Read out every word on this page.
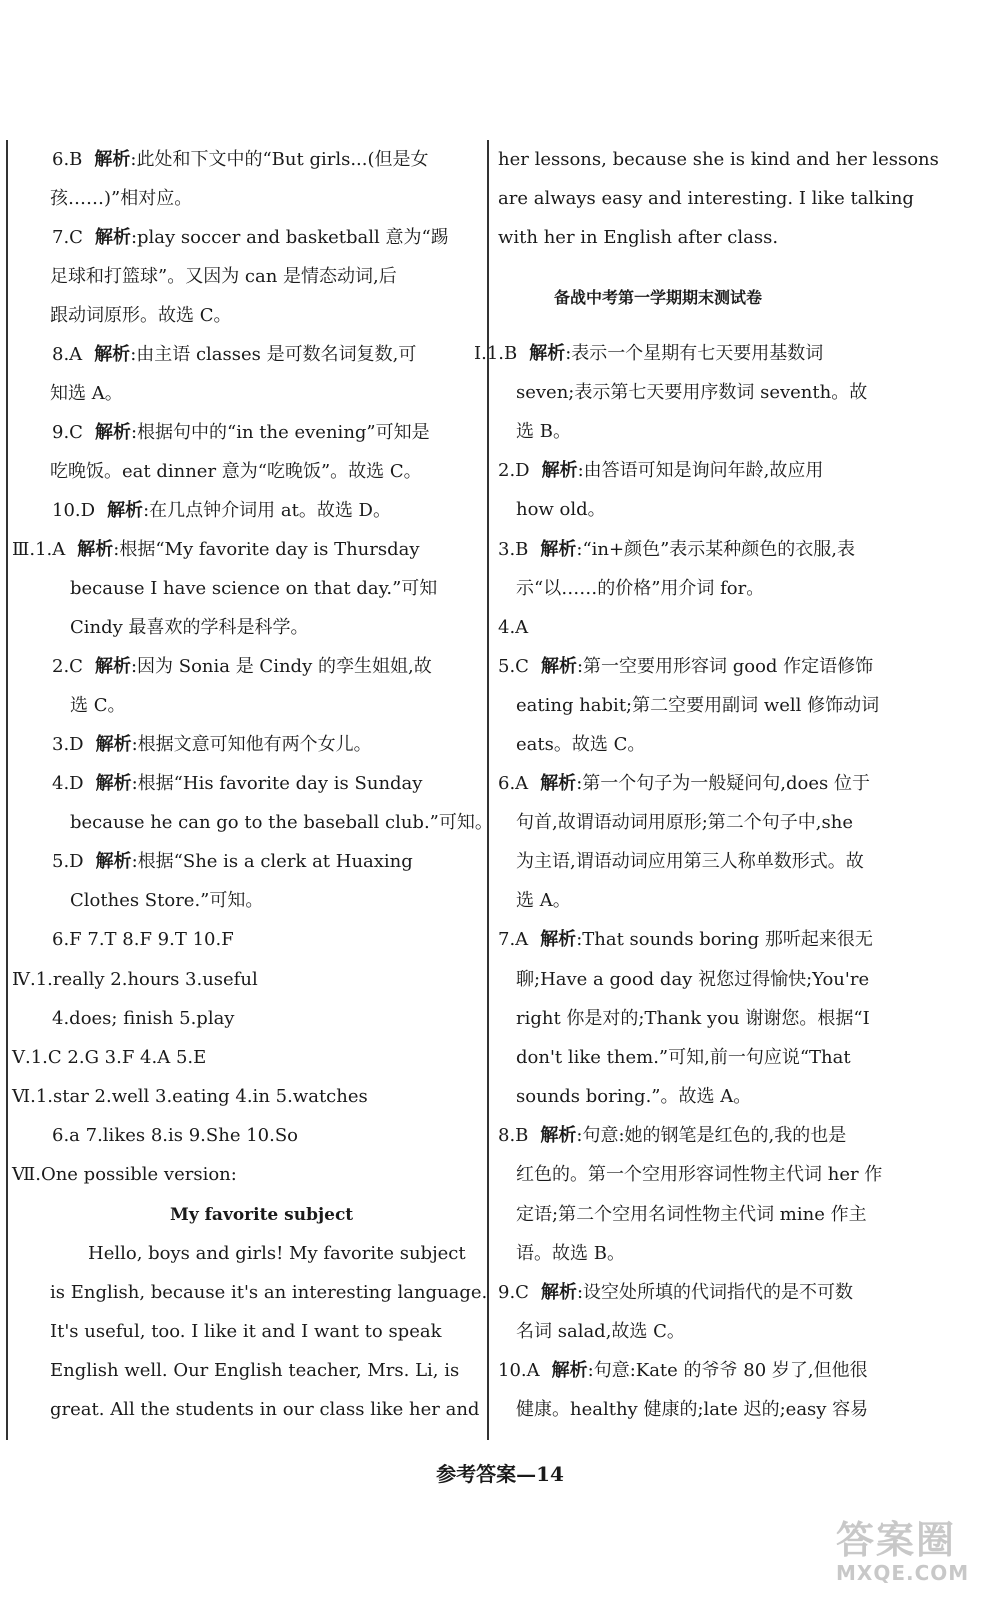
6.B 解析:此处和下文中的“But girls...(但是女
孩……)”相对应。
7.C 解析:play soccer and basketball 意为“踢
足球和打篮球”。又因为 can 是情态动词,后
跟动词原形。故选 C。
8.A 解析:由主语 classes 是可数名词复数,可
知选 A。
9.C 解析:根据句中的“in the evening”可知是
吃晚饭。eat dinner 意为“吃晚饭”。故选 C。
10.D 解析:在几点钟介词用 at。故选 D。
Ⅲ.1.A 解析:根据“My favorite day is Thursday
because I have science on that day.”可知
Cindy 最喜欢的学科是科学。
2.C 解析:因为 Sonia 是 Cindy 的孪生姐姐,故
选 C。
3.D 解析:根据文意可知他有两个女儿。
4.D 解析:根据“His favorite day is Sunday
because he can go to the baseball club.”可知。
5.D 解析:根据“She is a clerk at Huaxing
Clothes Store.”可知。
6.F 7.T 8.F 9.T 10.F
Ⅳ.1.really 2.hours 3.useful
4.does; finish 5.play
Ⅴ.1.C 2.G 3.F 4.A 5.E
Ⅵ.1.star 2.well 3.eating 4.in 5.watches
6.a 7.likes 8.is 9.She 10.So
Ⅶ.One possible version:
My favorite subject
Hello, boys and girls! My favorite subject
is English, because it's an interesting language.
It's useful, too. I like it and I want to speak
English well. Our English teacher, Mrs. Li, is
great. All the students in our class like her and
her lessons, because she is kind and her lessons
are always easy and interesting. I like talking
with her in English after class.
备战中考第一学期期末测试卷
Ⅰ.1.B 解析:表示一个星期有七天要用基数词
seven;表示第七天要用序数词 seventh。故
选 B。
2.D 解析:由答语可知是询问年龄,故应用
how old。
3.B 解析:“in+颜色”表示某种颜色的衣服,表
示“以……的价格”用介词 for。
4.A
5.C 解析:第一空要用形容词 good 作定语修饰
eating habit;第二空要用副词 well 修饰动词
eats。故选 C。
6.A 解析:第一个句子为一般疑问句,does 位于
句首,故谓语动词用原形;第二个句子中,she
为主语,谓语动词应用第三人称单数形式。故
选 A。
7.A 解析:That sounds boring 那听起来很无
聊;Have a good day 祝您过得愉快;You're
right 你是对的;Thank you 谢谢您。根据“I
don't like them.”可知,前一句应说“That
sounds boring.”。故选 A。
8.B 解析:句意:她的钢笔是红色的,我的也是
红色的。第一个空用形容词性物主代词 her 作
定语;第二个空用名词性物主代词 mine 作主
语。故选 B。
9.C 解析:设空处所填的代词指代的是不可数
名词 salad,故选 C。
10.A 解析:句意:Kate 的爷爷 80 岁了,但他很
健康。healthy 健康的;late 迟的;easy 容易
参考答案—14
答案圈
MXQE.COM
